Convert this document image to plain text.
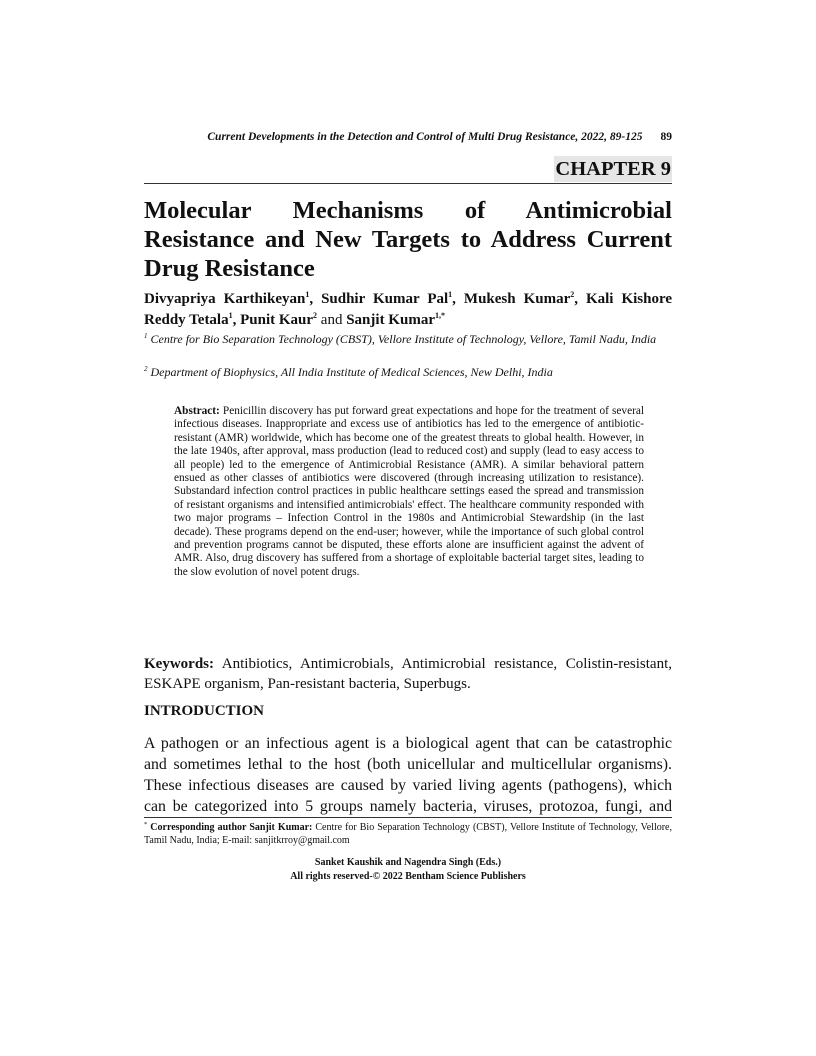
Current Developments in the Detection and Control of Multi Drug Resistance, 2022, 89-125 89
CHAPTER 9
Molecular Mechanisms of Antimicrobial
Resistance and New Targets to Address Current
Drug Resistance
Divyapriya Karthikeyan$^1$, Sudhir Kumar Pal$^1$, Mukesh Kumar$^2$, Kali Kishore Reddy Tetala$^1$, Punit Kaur$^2$ and Sanjit Kumar$^{1,*}$
$^1$ Centre for Bio Separation Technology (CBST), Vellore Institute of Technology, Vellore, Tamil Nadu, India
$^2$ Department of Biophysics, All India Institute of Medical Sciences, New Delhi, India
Abstract: Penicillin discovery has put forward great expectations and hope for the treatment of several infectious diseases. Inappropriate and excess use of antibiotics has led to the emergence of antibiotic-resistant (AMR) worldwide, which has become one of the greatest threats to global health. However, in the late 1940s, after approval, mass production (lead to reduced cost) and supply (lead to easy access to all people) led to the emergence of Antimicrobial Resistance (AMR). A similar behavioral pattern ensued as other classes of antibiotics were discovered (through increasing utilization to resistance). Substandard infection control practices in public healthcare settings eased the spread and transmission of resistant organisms and intensified antimicrobials' effect. The healthcare community responded with two major programs – Infection Control in the 1980s and Antimicrobial Stewardship (in the last decade). These programs depend on the end-user; however, while the importance of such global control and prevention programs cannot be disputed, these efforts alone are insufficient against the advent of AMR. Also, drug discovery has suffered from a shortage of exploitable bacterial target sites, leading to the slow evolution of novel potent drugs.
Keywords: Antibiotics, Antimicrobials, Antimicrobial resistance, Colistin-resistant, ESKAPE organism, Pan-resistant bacteria, Superbugs.
INTRODUCTION
A pathogen or an infectious agent is a biological agent that can be catastrophic
and sometimes lethal to the host (both unicellular and multicellular organisms).
These infectious diseases are caused by varied living agents (pathogens), which
can be categorized into 5 groups namely bacteria, viruses, protozoa, fungi, and
* Corresponding author Sanjit Kumar: Centre for Bio Separation Technology (CBST), Vellore Institute of Technology, Vellore, Tamil Nadu, India; E-mail: sanjitkrroy@gmail.com
Sanket Kaushik and Nagendra Singh (Eds.)
All rights reserved-© 2022 Bentham Science Publishers
